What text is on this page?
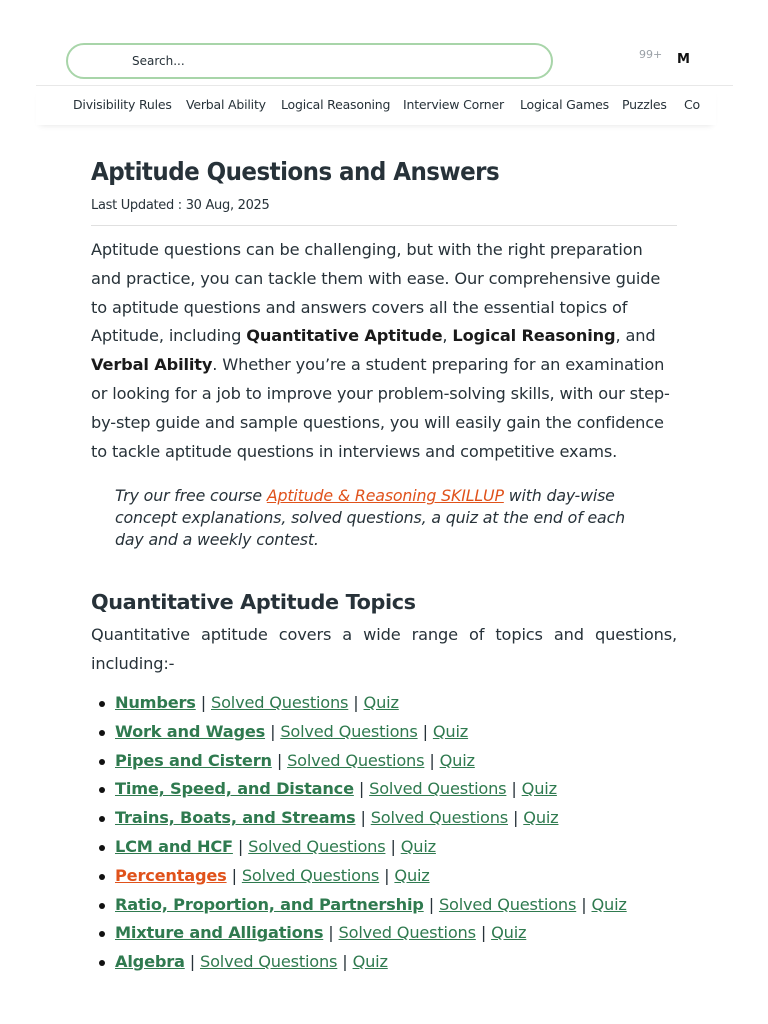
Search...
99+ M
Divisibility Rules Verbal Ability Logical Reasoning Interview Corner Logical Games Puzzles Co
Aptitude Questions and Answers
Last Updated : 30 Aug, 2025

Aptitude questions can be challenging, but with the right preparation and practice, you can tackle them with ease. Our comprehensive guide to aptitude questions and answers covers all the essential topics of Aptitude, including Quantitative Aptitude, Logical Reasoning, and Verbal Ability. Whether you’re a student preparing for an examination or looking for a job to improve your problem-solving skills, with our step-by-step guide and sample questions, you will easily gain the confidence to tackle aptitude questions in interviews and competitive exams.

Try our free course Aptitude & Reasoning SKILLUP with day-wise concept explanations, solved questions, a quiz at the end of each day and a weekly contest.

Quantitative Aptitude Topics

Quantitative aptitude covers a wide range of topics and questions, including:-

Numbers | Solved Questions | Quiz
Work and Wages | Solved Questions | Quiz
Pipes and Cistern | Solved Questions | Quiz
Time, Speed, and Distance | Solved Questions | Quiz
Trains, Boats, and Streams | Solved Questions | Quiz
LCM and HCF | Solved Questions | Quiz
Percentages | Solved Questions | Quiz
Ratio, Proportion, and Partnership | Solved Questions | Quiz
Mixture and Alligations | Solved Questions | Quiz
Algebra | Solved Questions | Quiz
